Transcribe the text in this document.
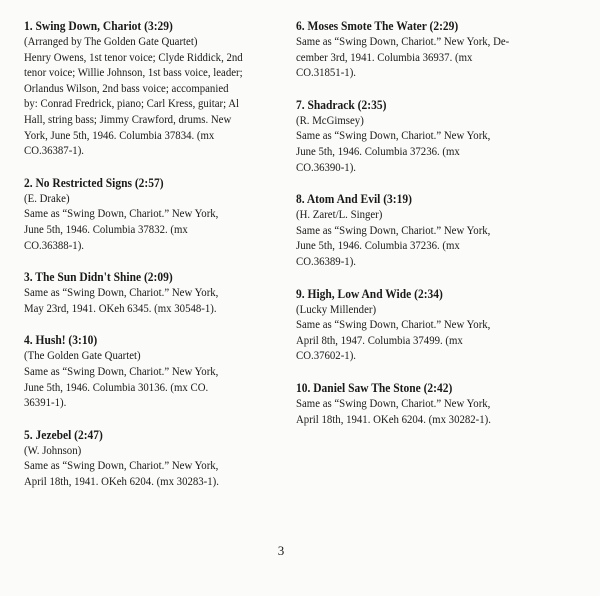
1. Swing Down, Chariot (3:29)

(Arranged by The Golden Gate Quartet)

Henry Owens, 1st tenor voice; Clyde Riddick, 2nd

tenor voice; Willie Johnson, 1st bass voice, leader;

Orlandus Wilson, 2nd bass voice; accompanied

by: Conrad Fredrick, piano; Carl Kress, guitar; Al

Hall, string bass; Jimmy Crawford, drums. New

York, June 5th, 1946. Columbia 37834. (mx

CO.36387-1).

2. No Restricted Signs (2:57)

(E. Drake)

Same as “Swing Down, Chariot.” New York,

June 5th, 1946. Columbia 37832. (mx

CO.36388-1).

3. The Sun Didn't Shine (2:09)

Same as “Swing Down, Chariot.” New York,

May 23rd, 1941. OKeh 6345. (mx 30548-1).

4. Hush! (3:10)

(The Golden Gate Quartet)

Same as “Swing Down, Chariot.” New York,

June 5th, 1946. Columbia 30136. (mx CO.

36391-1).

5. Jezebel (2:47)

(W. Johnson)

Same as “Swing Down, Chariot.” New York,

April 18th, 1941. OKeh 6204. (mx 30283-1).

6. Moses Smote The Water (2:29)

Same as “Swing Down, Chariot.” New York, De-

cember 3rd, 1941. Columbia 36937. (mx

CO.31851-1).

7. Shadrack (2:35)

(R. McGimsey)

Same as “Swing Down, Chariot.” New York,

June 5th, 1946. Columbia 37236. (mx

CO.36390-1).

8. Atom And Evil (3:19)

(H. Zaret/L. Singer)

Same as “Swing Down, Chariot.” New York,

June 5th, 1946. Columbia 37236. (mx

CO.36389-1).

9. High, Low And Wide (2:34)

(Lucky Millender)

Same as “Swing Down, Chariot.” New York,

April 8th, 1947. Columbia 37499. (mx

CO.37602-1).

10. Daniel Saw The Stone (2:42)

Same as “Swing Down, Chariot.” New York,

April 18th, 1941. OKeh 6204. (mx 30282-1).

3
